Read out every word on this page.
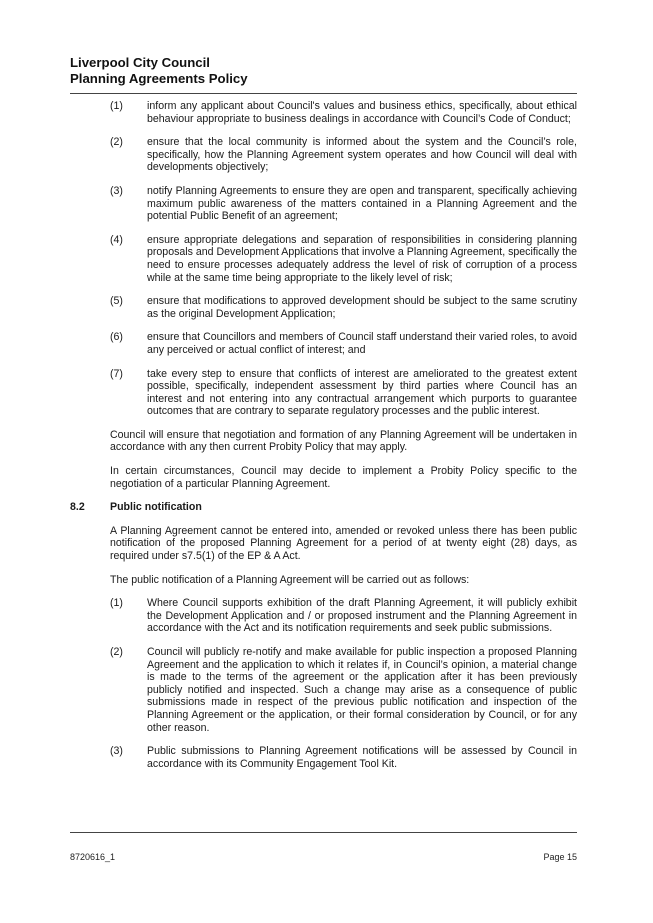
Liverpool City Council
Planning Agreements Policy
(1) inform any applicant about Council's values and business ethics, specifically, about ethical behaviour appropriate to business dealings in accordance with Council’s Code of Conduct;
(2) ensure that the local community is informed about the system and the Council’s role, specifically, how the Planning Agreement system operates and how Council will deal with developments objectively;
(3) notify Planning Agreements to ensure they are open and transparent, specifically achieving maximum public awareness of the matters contained in a Planning Agreement and the potential Public Benefit of an agreement;
(4) ensure appropriate delegations and separation of responsibilities in considering planning proposals and Development Applications that involve a Planning Agreement, specifically the need to ensure processes adequately address the level of risk of corruption of a process while at the same time being appropriate to the likely level of risk;
(5) ensure that modifications to approved development should be subject to the same scrutiny as the original Development Application;
(6) ensure that Councillors and members of Council staff understand their varied roles, to avoid any perceived or actual conflict of interest; and
(7) take every step to ensure that conflicts of interest are ameliorated to the greatest extent possible, specifically, independent assessment by third parties where Council has an interest and not entering into any contractual arrangement which purports to guarantee outcomes that are contrary to separate regulatory processes and the public interest.
Council will ensure that negotiation and formation of any Planning Agreement will be undertaken in accordance with any then current Probity Policy that may apply.
In certain circumstances, Council may decide to implement a Probity Policy specific to the negotiation of a particular Planning Agreement.
8.2	Public notification
A Planning Agreement cannot be entered into, amended or revoked unless there has been public notification of the proposed Planning Agreement for a period of at twenty eight (28) days, as required under s7.5(1) of the EP & A Act.
The public notification of a Planning Agreement will be carried out as follows:
(1) Where Council supports exhibition of the draft Planning Agreement, it will publicly exhibit the Development Application and / or proposed instrument and the Planning Agreement in accordance with the Act and its notification requirements and seek public submissions.
(2) Council will publicly re-notify and make available for public inspection a proposed Planning Agreement and the application to which it relates if, in Council’s opinion, a material change is made to the terms of the agreement or the application after it has been previously publicly notified and inspected. Such a change may arise as a consequence of public submissions made in respect of the previous public notification and inspection of the Planning Agreement or the application, or their formal consideration by Council, or for any other reason.
(3) Public submissions to Planning Agreement notifications will be assessed by Council in accordance with its Community Engagement Tool Kit.
8720616_1	Page 15
